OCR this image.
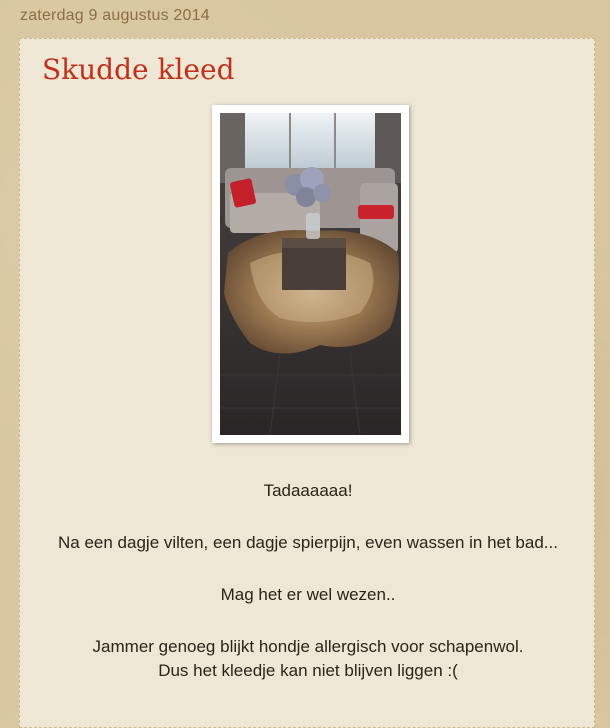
zaterdag 9 augustus 2014
Skudde kleed

Tadaaaaaa!

Na een dagje vilten, een dagje spierpijn, even wassen in het bad...

Mag het er wel wezen..

Jammer genoeg blijkt hondje allergisch voor schapenwol.

Dus het kleedje kan niet blijven liggen :(
